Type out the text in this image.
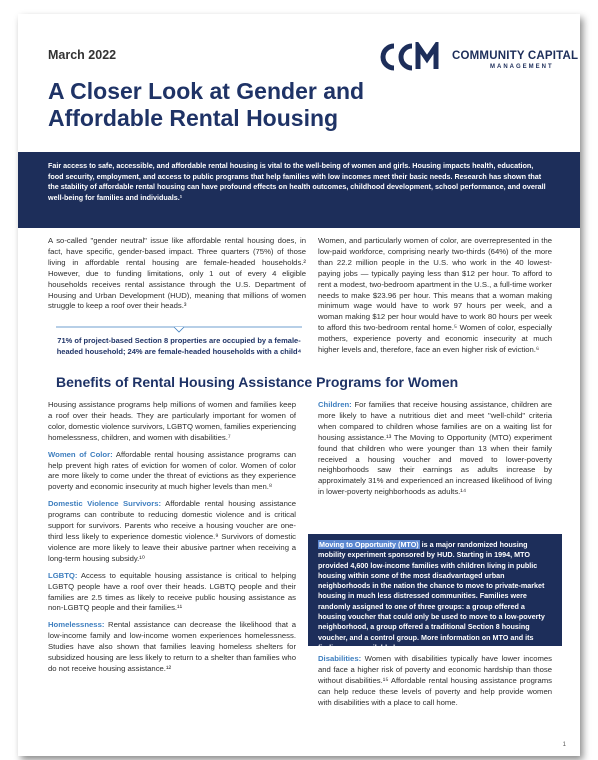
March 2022	COMMUNITY CAPITAL
MANAGEMENT
A Closer Look at Gender and Affordable Rental Housing
Fair access to safe, accessible, and affordable rental housing is vital to the well-being of women and girls. Housing impacts health, education, food security, employment, and access to public programs that help families with low incomes meet their basic needs. Research has shown that the stability of affordable rental housing can have profound effects on health outcomes, childhood development, school performance, and overall well-being for families and individuals.¹

A so-called "gender neutral" issue like affordable rental housing does, in fact, have specific, gender-based impact. Three quarters (75%) of those living in affordable rental housing are female-headed households.² However, due to funding limitations, only 1 out of every 4 eligible households receives rental assistance through the U.S. Department of Housing and Urban Development (HUD), meaning that millions of women struggle to keep a roof over their heads.³

71% of project-based Section 8 properties are occupied by a female-headed household; 24% are female-headed households with a child⁴

Women, and particularly women of color, are overrepresented in the low-paid workforce, comprising nearly two-thirds (64%) of the more than 22.2 million people in the U.S. who work in the 40 lowest-paying jobs — typically paying less than $12 per hour. To afford to rent a modest, two-bedroom apartment in the U.S., a full-time worker needs to make $23.96 per hour. This means that a woman making minimum wage would have to work 97 hours per week, and a woman making $12 per hour would have to work 80 hours per week to afford this two-bedroom rental home.⁵ Women of color, especially mothers, experience poverty and economic insecurity at much higher levels and, therefore, face an even higher risk of eviction.⁶

Benefits of Rental Housing Assistance Programs for Women

Housing assistance programs help millions of women and families keep a roof over their heads. They are particularly important for women of color, domestic violence survivors, LGBTQ women, families experiencing homelessness, children, and women with disabilities.⁷

Women of Color: Affordable rental housing assistance programs can help prevent high rates of eviction for women of color. Women of color are more likely to come under the threat of evictions as they experience poverty and economic insecurity at much higher levels than men.⁸

Domestic Violence Survivors: Affordable rental housing assistance programs can contribute to reducing domestic violence and is critical support for survivors. Parents who receive a housing voucher are one-third less likely to experience domestic violence.⁹ Survivors of domestic violence are more likely to leave their abusive partner when receiving a long-term housing subsidy.¹⁰

LGBTQ: Access to equitable housing assistance is critical to helping LGBTQ people have a roof over their heads. LGBTQ people and their families are 2.5 times as likely to receive public housing assistance as non-LGBTQ people and their families.¹¹

Homelessness: Rental assistance can decrease the likelihood that a low-income family and low-income women experiences homelessness. Studies have also shown that families leaving homeless shelters for subsidized housing are less likely to return to a shelter than families who do not receive housing assistance.¹²

Children: For families that receive housing assistance, children are more likely to have a nutritious diet and meet "well-child" criteria when compared to children whose families are on a waiting list for housing assistance.¹³ The Moving to Opportunity (MTO) experiment found that children who were younger than 13 when their family received a housing voucher and moved to lower-poverty neighborhoods saw their earnings as adults increase by approximately 31% and experienced an increased likelihood of living in lower-poverty neighborhoods as adults.¹⁴

Moving to Opportunity (MTO) is a major randomized housing mobility experiment sponsored by HUD. Starting in 1994, MTO provided 4,600 low-income families with children living in public housing within some of the most disadvantaged urban neighborhoods in the nation the chance to move to private-market housing in much less distressed communities. Families were randomly assigned to one of three groups: a group offered a housing voucher that could only be used to move to a low-poverty neighborhood, a group offered a traditional Section 8 housing voucher, and a control group. More information on MTO and its findings are available here.

Disabilities: Women with disabilities typically have lower incomes and face a higher risk of poverty and economic hardship than those without disabilities.¹⁵ Affordable rental housing assistance programs can help reduce these levels of poverty and help provide women with disabilities with a place to call home.

1
